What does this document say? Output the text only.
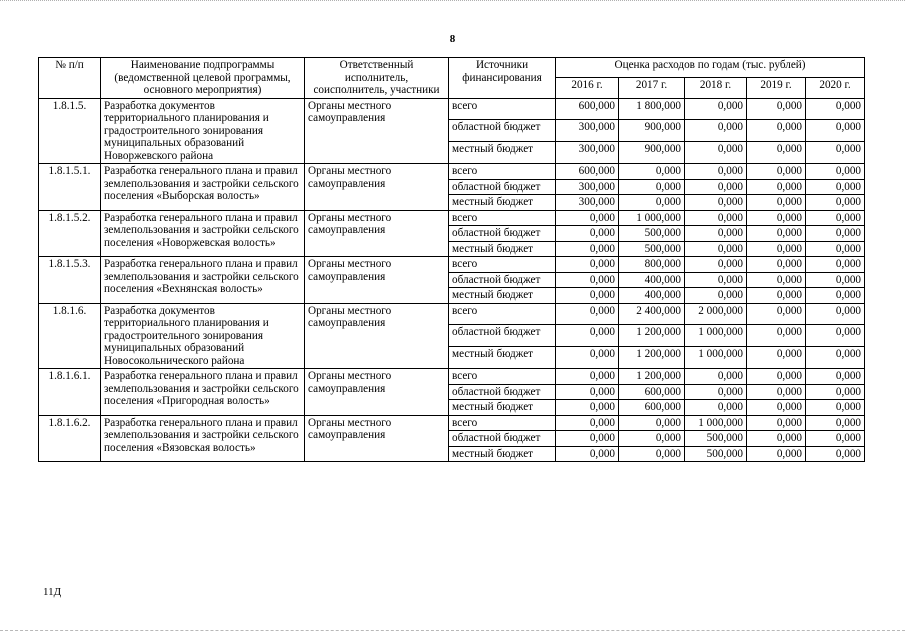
8
№ п/п	Наименование подпрограммы (ведомственной целевой программы, основного мероприятия)	Ответственный исполнитель, соисполнитель, участники	Источники финансирования	Оценка расходов по годам (тыс. рублей)				
				2016 г.	2017 г.	2018 г.	2019 г.	2020 г.
1.8.1.5.	Разработка документов территориального планирования и градостроительного зонирования муниципальных образований Новоржевского района	Органы местного самоуправления	всего	600,000	1 800,000	0,000	0,000	0,000
			областной бюджет	300,000	900,000	0,000	0,000	0,000
			местный бюджет	300,000	900,000	0,000	0,000	0,000
1.8.1.5.1.	Разработка генерального плана и правил землепользования и застройки сельского поселения «Выборская волость»	Органы местного самоуправления	всего	600,000	0,000	0,000	0,000	0,000
			областной бюджет	300,000	0,000	0,000	0,000	0,000
			местный бюджет	300,000	0,000	0,000	0,000	0,000
1.8.1.5.2.	Разработка генерального плана и правил землепользования и застройки сельского поселения «Новоржевская волость»	Органы местного самоуправления	всего	0,000	1 000,000	0,000	0,000	0,000
			областной бюджет	0,000	500,000	0,000	0,000	0,000
			местный бюджет	0,000	500,000	0,000	0,000	0,000
1.8.1.5.3.	Разработка генерального плана и правил землепользования и застройки сельского поселения «Вехнянская волость»	Органы местного самоуправления	всего	0,000	800,000	0,000	0,000	0,000
			областной бюджет	0,000	400,000	0,000	0,000	0,000
			местный бюджет	0,000	400,000	0,000	0,000	0,000
1.8.1.6.	Разработка документов территориального планирования и градостроительного зонирования муниципальных образований Новосокольнического района	Органы местного самоуправления	всего	0,000	2 400,000	2 000,000	0,000	0,000
			областной бюджет	0,000	1 200,000	1 000,000	0,000	0,000
			местный бюджет	0,000	1 200,000	1 000,000	0,000	0,000
1.8.1.6.1.	Разработка генерального плана и правил землепользования и застройки сельского поселения «Пригородная волость»	Органы местного самоуправления	всего	0,000	1 200,000	0,000	0,000	0,000
			областной бюджет	0,000	600,000	0,000	0,000	0,000
			местный бюджет	0,000	600,000	0,000	0,000	0,000
1.8.1.6.2.	Разработка генерального плана и правил землепользования и застройки сельского поселения «Вязовская волость»	Органы местного самоуправления	всего	0,000	0,000	1 000,000	0,000	0,000
			областной бюджет	0,000	0,000	500,000	0,000	0,000
			местный бюджет	0,000	0,000	500,000	0,000	0,000
11Д
